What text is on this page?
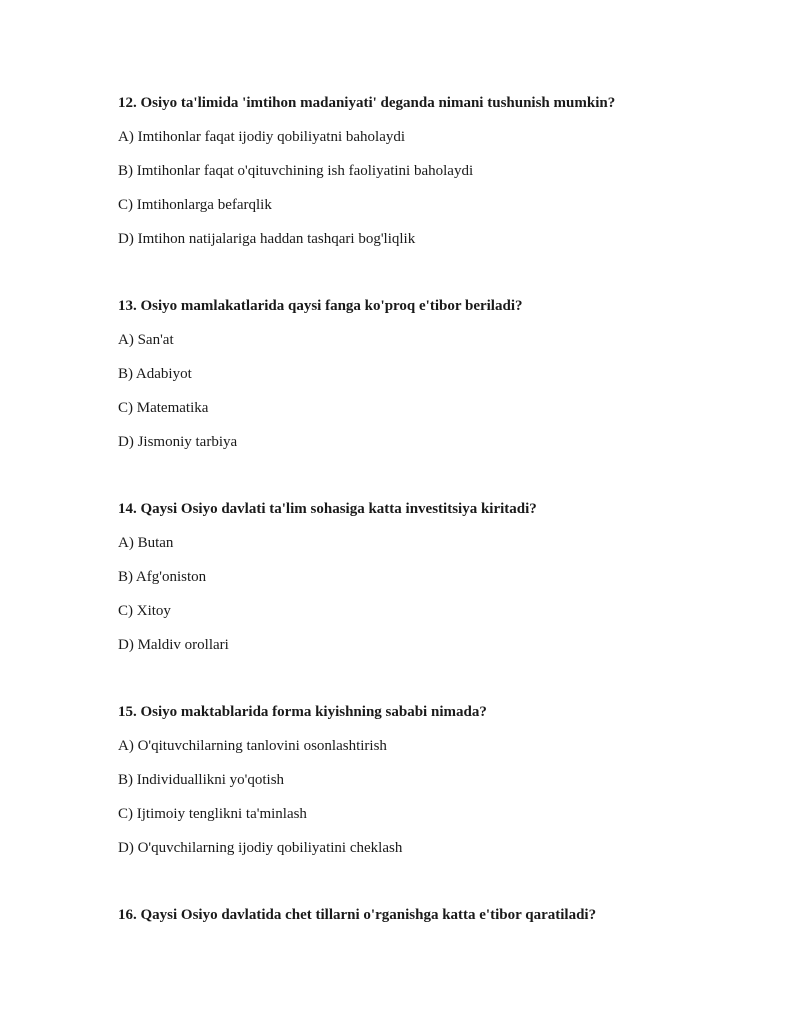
12. Osiyo ta'limida 'imtihon madaniyati' deganda nimani tushunish mumkin?
A) Imtihonlar faqat ijodiy qobiliyatni baholaydi
B) Imtihonlar faqat o'qituvchining ish faoliyatini baholaydi
C) Imtihonlarga befarqlik
D) Imtihon natijalariga haddan tashqari bog'liqlik
13. Osiyo mamlakatlarida qaysi fanga ko'proq e'tibor beriladi?
A) San'at
B) Adabiyot
C) Matematika
D) Jismoniy tarbiya
14. Qaysi Osiyo davlati ta'lim sohasiga katta investitsiya kiritadi?
A) Butan
B) Afg'oniston
C) Xitoy
D) Maldiv orollari
15. Osiyo maktablarida forma kiyishning sababi nimada?
A) O'qituvchilarning tanlovini osonlashtirish
B) Individuallikni yo'qotish
C) Ijtimoiy tenglikni ta'minlash
D) O'quvchilarning ijodiy qobiliyatini cheklash
16. Qaysi Osiyo davlatida chet tillarni o'rganishga katta e'tibor qaratiladi?
